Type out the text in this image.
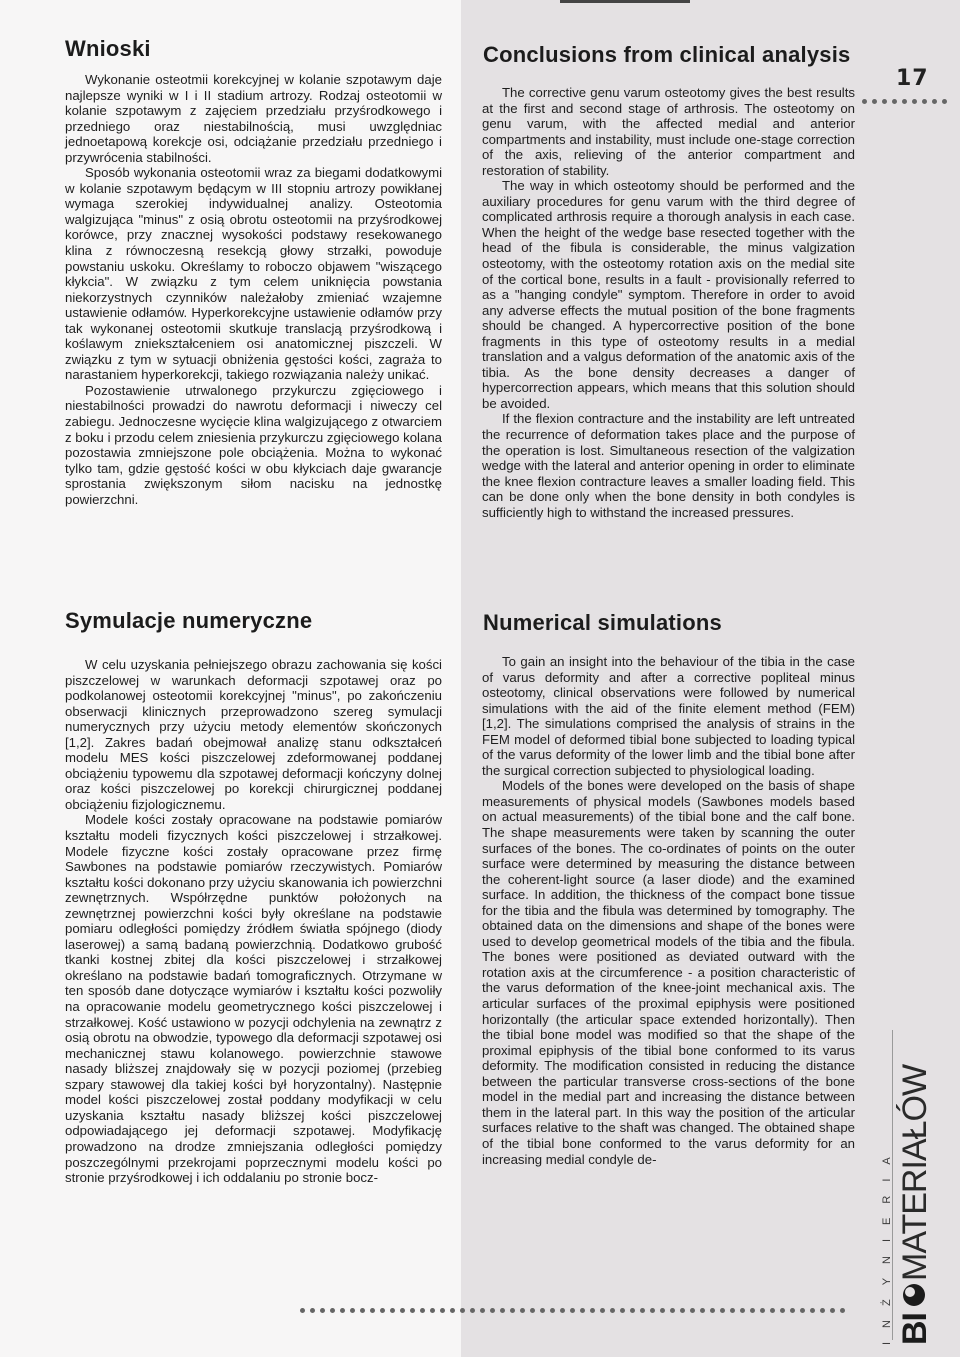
Wnioski

Wykonanie osteotmii korekcyjnej w kolanie szpotawym daje najlepsze wyniki w I i II stadium artrozy. Rodzaj osteotomii w kolanie szpotawym z zajęciem przedziału przyśrodkowego i przedniego oraz niestabilnością, musi uwzględniac jednoetapową korekcje osi, odciążanie przedziału przedniego i przywrócenia stabilności.

Sposób wykonania osteotomii wraz za biegami dodatkowymi w kolanie szpotawym będącym w III stopniu artrozy powikłanej wymaga szerokiej indywidualnej analizy. Osteotomia walgizująca "minus" z osią obrotu osteotomii na przyśrodkowej korówce, przy znacznej wysokości podstawy resekowanego klina z równoczesną resekcją głowy strzałki, powoduje powstaniu uskoku. Określamy to roboczo objawem "wiszącego kłykcia". W związku z tym celem uniknięcia powstania niekorzystnych czynników należałoby zmieniać wzajemne ustawienie odłamów. Hyperkorekcyjne ustawienie odłamów przy tak wykonanej osteotomii skutkuje translacją przyśrodkową i koślawym zniekształceniem osi anatomicznej piszczeli. W związku z tym w sytuacji obniżenia gęstości kości, zagraża to narastaniem hyperkorekcji, takiego rozwiązania należy unikać.

Pozostawienie utrwalonego przykurczu zgięciowego i niestabilności prowadzi do nawrotu deformacji i niweczy cel zabiegu. Jednoczesne wycięcie klina walgizującego z otwarciem z boku i przodu celem zniesienia przykurczu zgięciowego kolana pozostawia zmniejszone pole obciążenia. Można to wykonać tylko tam, gdzie gęstość kości w obu kłykciach daje gwarancje sprostania zwiększonym siłom nacisku na jednostkę powierzchni.

Symulacje numeryczne

W celu uzyskania pełniejszego obrazu zachowania się kości piszczelowej w warunkach deformacji szpotawej oraz po podkolanowej osteotomii korekcyjnej "minus", po zakończeniu obserwacji klinicznych przeprowadzono szereg symulacji numerycznych przy użyciu metody elementów skończonych [1,2]. Zakres badań obejmował analizę stanu odkształceń modelu MES kości piszczelowej zdeformowanej poddanej obciążeniu typowemu dla szpotawej deformacji kończyny dolnej oraz kości piszczelowej po korekcji chirurgicznej poddanej obciążeniu fizjologicznemu.

Modele kości zostały opracowane na podstawie pomiarów kształtu modeli fizycznych kości piszczelowej i strzałkowej. Modele fizyczne kości zostały opracowane przez firmę Sawbones na podstawie pomiarów rzeczywistych. Pomiarów kształtu kości dokonano przy użyciu skanowania ich powierzchni zewnętrznych. Współrzędne punktów położonych na zewnętrznej powierzchni kości były określane na podstawie pomiaru odległości pomiędzy źródłem światła spójnego (diody laserowej) a samą badaną powierzchnią. Dodatkowo grubość tkanki kostnej zbitej dla kości piszczelowej i strzałkowej określano na podstawie badań tomograficznych. Otrzymane w ten sposób dane dotyczące wymiarów i kształtu kości pozwoliły na opracowanie modelu geometrycznego kości piszczelowej i strzałkowej. Kość ustawiono w pozycji odchylenia na zewnątrz z osią obrotu na obwodzie, typowego dla deformacji szpotawej osi mechanicznej stawu kolanowego. powierzchnie stawowe nasady bliższej znajdowały się w pozycji poziomej (przebieg szpary stawowej dla takiej kości był horyzontalny). Następnie model kości piszczelowej został poddany modyfikacji w celu uzyskania kształtu nasady bliższej kości piszczelowej odpowiadającego jej deformacji szpotawej. Modyfikację prowadzono na drodze zmniejszania odległości pomiędzy poszczególnymi przekrojami poprzecznymi modelu kości po stronie przyśrodkowej i ich oddalaniu po stronie bocz-

Conclusions from clinical analysis

The corrective genu varum osteotomy gives the best results at the first and second stage of arthrosis. The osteotomy on genu varum, with the affected medial and anterior compartments and instability, must include one-stage correction of the axis, relieving of the anterior compartment and restoration of stability.

The way in which osteotomy should be performed and the auxiliary procedures for genu varum with the third degree of complicated arthrosis require a thorough analysis in each case. When the height of the wedge base resected together with the head of the fibula is considerable, the minus valgization osteotomy, with the osteotomy rotation axis on the medial site of the cortical bone, results in a fault - provisionally referred to as a "hanging condyle" symptom. Therefore in order to avoid any adverse effects the mutual position of the bone fragments should be changed. A hypercorrective position of the bone fragments in this type of osteotomy results in a medial translation and a valgus deformation of the anatomic axis of the tibia. As the bone density decreases a danger of hypercorrection appears, which means that this solution should be avoided.

If the flexion contracture and the instability are left untreated the recurrence of deformation takes place and the purpose of the operation is lost. Simultaneous resection of the valgization wedge with the lateral and anterior opening in order to eliminate the knee flexion contracture leaves a smaller loading field. This can be done only when the bone density in both condyles is sufficiently high to withstand the increased pressures.

Numerical simulations

To gain an insight into the behaviour of the tibia in the case of varus deformity and after a corrective popliteal minus osteotomy, clinical observations were followed by numerical simulations with the aid of the finite element method (FEM) [1,2]. The simulations comprised the analysis of strains in the FEM model of deformed tibial bone subjected to loading typical of the varus deformity of the lower limb and the tibial bone after the surgical correction subjected to physiological loading.

Models of the bones were developed on the basis of shape measurements of physical models (Sawbones models based on actual measurements) of the tibial bone and the calf bone. The shape measurements were taken by scanning the outer surfaces of the bones. The co-ordinates of points on the outer surface were determined by measuring the distance between the coherent-light source (a laser diode) and the examined surface. In addition, the thickness of the compact bone tissue for the tibia and the fibula was determined by tomography. The obtained data on the dimensions and shape of the bones were used to develop geometrical models of the tibia and the fibula. The bones were positioned as deviated outward with the rotation axis at the circumference - a position characteristic of the varus deformation of the knee-joint mechanical axis. The articular surfaces of the proximal epiphysis were positioned horizontally (the articular space extended horizontally). Then the tibial bone model was modified so that the shape of the proximal epiphysis of the tibial bone conformed to its varus deformity. The modification consisted in reducing the distance between the particular transverse cross-sections of the bone model in the medial part and increasing the distance between them in the lateral part. In this way the position of the articular surfaces relative to the shaft was changed. The obtained shape of the tibial bone conformed to the varus deformity for an increasing medial condyle de-

17
BI
MATERIAŁÓW
INŻYNIERIA
